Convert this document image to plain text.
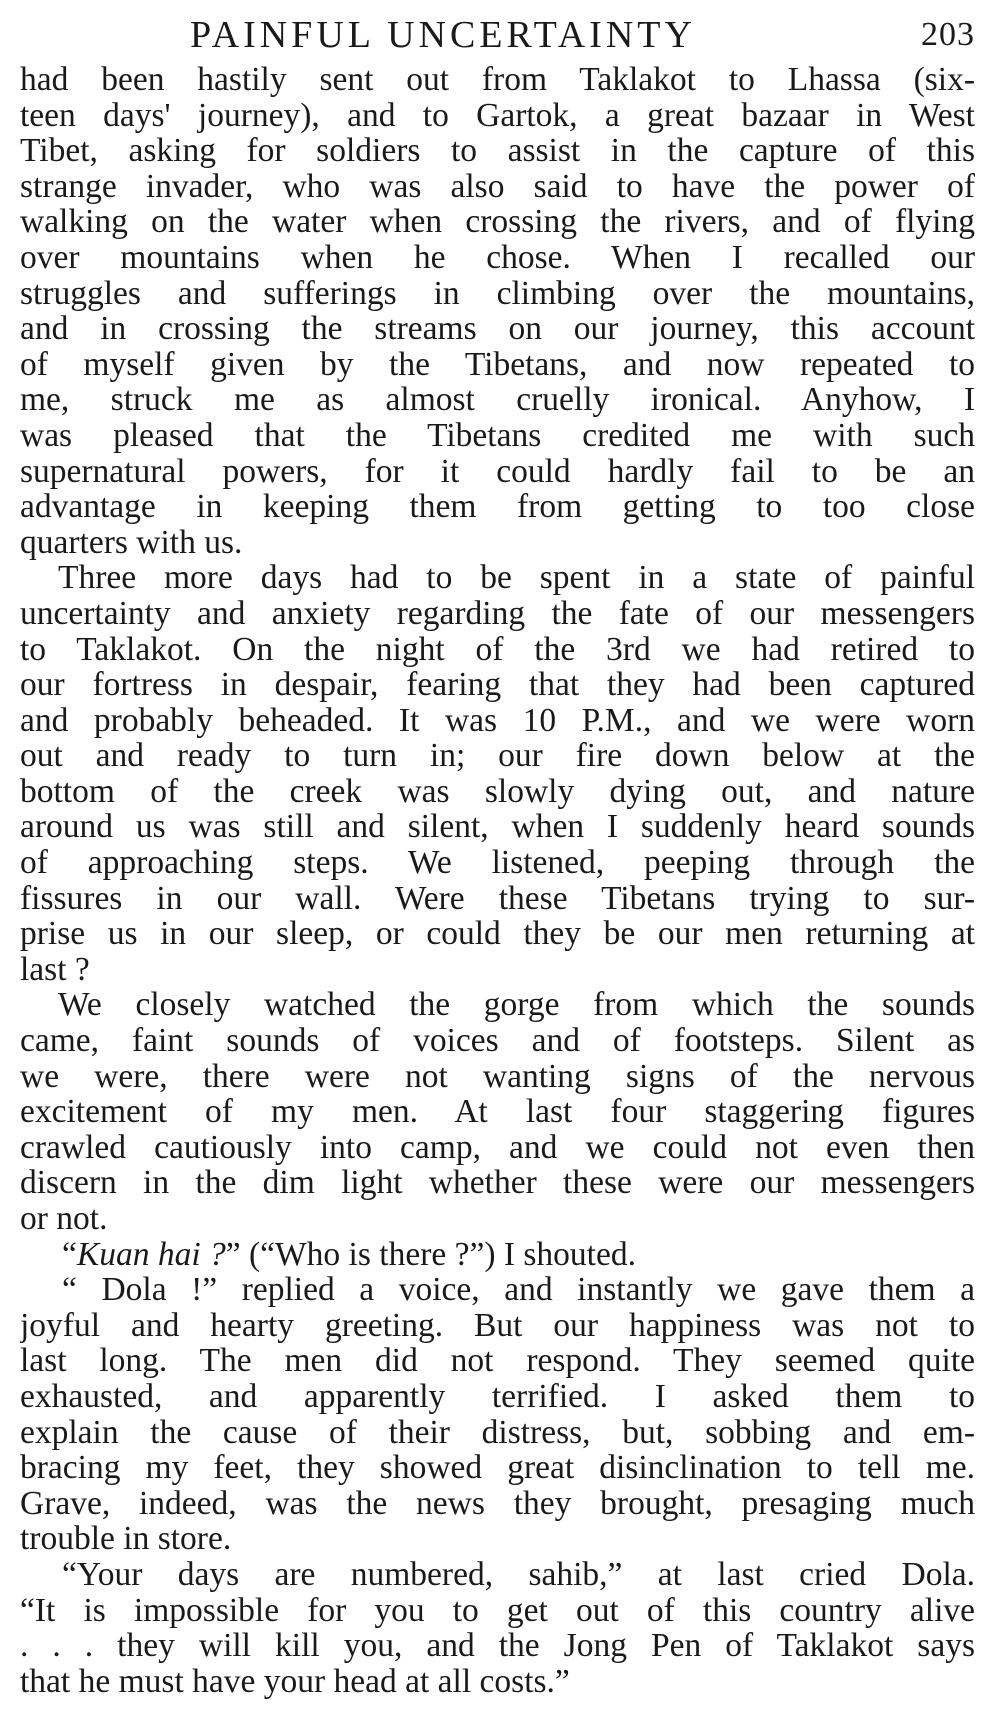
PAINFUL UNCERTAINTY	203
had been hastily sent out from Taklakot to Lhassa (six-
teen days' journey), and to Gartok, a great bazaar in West
Tibet, asking for soldiers to assist in the capture of this
strange invader, who was also said to have the power of
walking on the water when crossing the rivers, and of flying
over mountains when he chose. When I recalled our
struggles and sufferings in climbing over the mountains,
and in crossing the streams on our journey, this account
of myself given by the Tibetans, and now repeated to
me, struck me as almost cruelly ironical. Anyhow, I
was pleased that the Tibetans credited me with such
supernatural powers, for it could hardly fail to be an
advantage in keeping them from getting to too close
quarters with us.
Three more days had to be spent in a state of painful
uncertainty and anxiety regarding the fate of our messengers
to Taklakot. On the night of the 3rd we had retired to
our fortress in despair, fearing that they had been captured
and probably beheaded. It was 10 P.M., and we were worn
out and ready to turn in; our fire down below at the
bottom of the creek was slowly dying out, and nature
around us was still and silent, when I suddenly heard sounds
of approaching steps. We listened, peeping through the
fissures in our wall. Were these Tibetans trying to sur-
prise us in our sleep, or could they be our men returning at
last ?
We closely watched the gorge from which the sounds
came, faint sounds of voices and of footsteps. Silent as
we were, there were not wanting signs of the nervous
excitement of my men. At last four staggering figures
crawled cautiously into camp, and we could not even then
discern in the dim light whether these were our messengers
or not.
“Kuan hai ?” (“Who is there ?”) I shouted.
“ Dola !” replied a voice, and instantly we gave them a
joyful and hearty greeting. But our happiness was not to
last long. The men did not respond. They seemed quite
exhausted, and apparently terrified. I asked them to
explain the cause of their distress, but, sobbing and em-
bracing my feet, they showed great disinclination to tell me.
Grave, indeed, was the news they brought, presaging much
trouble in store.
“Your days are numbered, sahib,” at last cried Dola.
“It is impossible for you to get out of this country alive
. . . they will kill you, and the Jong Pen of Taklakot says
that he must have your head at all costs.”
